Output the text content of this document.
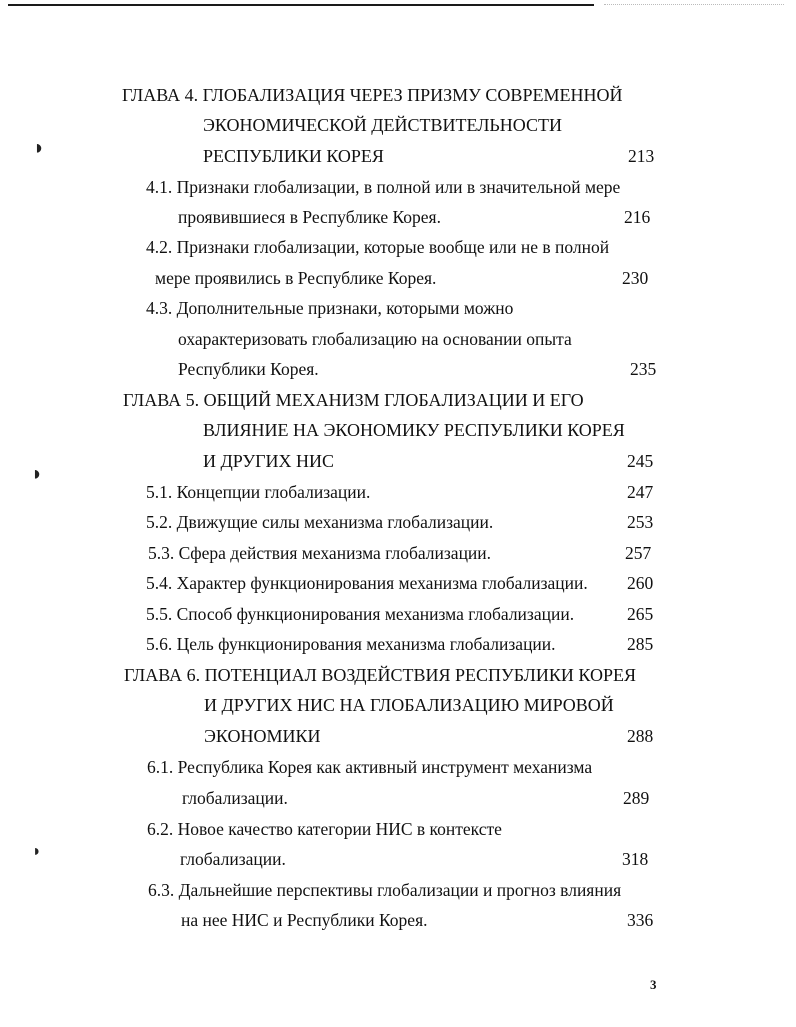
◗
◗
◗
ГЛАВА 4. ГЛОБАЛИЗАЦИЯ ЧЕРЕЗ ПРИЗМУ СОВРЕМЕННОЙ
ЭКОНОМИЧЕСКОЙ ДЕЙСТВИТЕЛЬНОСТИ
РЕСПУБЛИКИ КОРЕЯ	213
4.1. Признаки глобализации, в полной или в значительной мере
проявившиеся в Республике Корея.	216
4.2. Признаки глобализации, которые вообще или не в полной
мере проявились в Республике Корея.	230
4.3. Дополнительные признаки, которыми можно
охарактеризовать глобализацию на основании опыта
Республики Корея.	235
ГЛАВА 5. ОБЩИЙ МЕХАНИЗМ ГЛОБАЛИЗАЦИИ И ЕГО
ВЛИЯНИЕ НА ЭКОНОМИКУ РЕСПУБЛИКИ КОРЕЯ
И ДРУГИХ НИС	245
5.1. Концепции глобализации.	247
5.2. Движущие силы механизма глобализации.	253
5.3. Сфера действия механизма глобализации.	257
5.4. Характер функционирования механизма глобализации. 260
5.5. Способ функционирования механизма глобализации.	265
5.6. Цель функционирования механизма глобализации.	285
ГЛАВА 6. ПОТЕНЦИАЛ ВОЗДЕЙСТВИЯ РЕСПУБЛИКИ КОРЕЯ
И ДРУГИХ НИС НА ГЛОБАЛИЗАЦИЮ МИРОВОЙ
ЭКОНОМИКИ	288
6.1. Республика Корея как активный инструмент механизма
глобализации.	289
6.2. Новое качество категории НИС в контексте
глобализации.	318
6.3. Дальнейшие перспективы глобализации и прогноз влияния
на нее НИС и Республики Корея.	336
3
